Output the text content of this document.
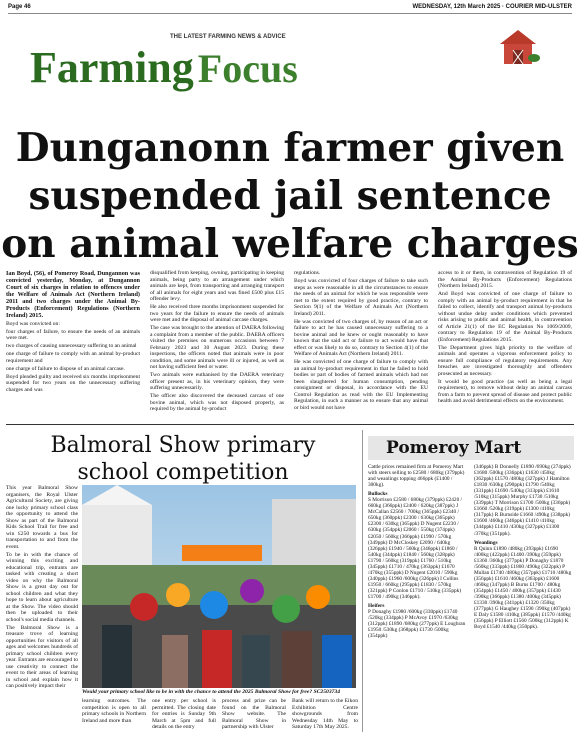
Page 46	WEDNESDAY, 12th March 2025 · COURIER MID-ULSTER
THE LATEST FARMING NEWS & ADVICE
Farming Focus
Dunganonn farmer given
suspended jail sentence
on animal welfare charges

Ian Boyd, (56), of Pomeroy Road, Dungannon was convicted yesterday, Monday, at Dungannon Court of six charges in relation to offences under the Welfare of Animals Act (Northern Ireland) 2011 and two charges under the Animal By-Products (Enforcement) Regulations (Northern Ireland) 2015.

Boyd was convicted on:

four charges of failure, to ensure the needs of an animals were met.

two charges of causing unnecessary suffering to an animal

one charge of failure to comply with an animal by-product requirement and

one charge of failure to dispose of an animal carcase.

Boyd pleaded guilty and received six months imprisonment suspended for two years on the unnecessary suffering charges and was

disqualified from keeping, owning, participating in keeping animals, being party to an arrangement under which animals are kept, from transporting and arranging transport of all animals for eight years and was fined £500 plus £15 offender levy.

He also received three months imprisonment suspended for two years for the failure to ensure the needs of animals were met and the disposal of animal carcase charges.

The case was brought to the attention of DAERA following a complaint from a member of the public. DAERA officers visited the premises on numerous occasions between 7 February 2023 and 30 August 2023. During these inspections, the officers noted that animals were in poor condition, and some animals were ill or injured, as well as not having sufficient feed or water.

Two animals were euthanised by the DAERA veterinary officer present as, in his veterinary opinion, they were suffering unnecessarily.

The officer also discovered the deceased carcass of one bovine animal, which was not disposed properly, as required by the animal by-product

regulations.

Boyd was convicted of four charges of failure to take such steps as were reasonable in all the circumstances to ensure the needs of an animal for which he was responsible were met to the extent required by good practice, contrary to Section 9(1) of the Welfare of Animals Act (Northern Ireland) 2011.

He was convicted of two charges of, by reason of an act or failure to act he has caused unnecessary suffering to a bovine animal and he knew or ought reasonably to have known that the said act or failure to act would have that effect or was likely to do so, contrary to Section 4(1) of the Welfare of Animals Act (Northern Ireland) 2011.

He was convicted of one charge of failure to comply with an animal by-product requirement in that he failed to hold bodies or part of bodies of farmed animals which had not been slaughtered for human consumption, pending consignment or disposal, in accordance with the EU Control Regulation as read with the EU Implementing Regulation, in such a manner as to ensure that any animal or bird would not have

access to it or them, in contravention of Regulation 19 of the Animal By-Products (Enforcement) Regulations (Northern Ireland) 2015.

And Boyd was convicted of one charge of failure to comply with an animal by-product requirement in that he failed to collect, identify and transport animal by-products without undue delay under conditions which prevented risks arising to public and animal health, in contravention of Article 21(1) of the EC Regulation No 1069/2009, contrary to Regulation 19 of the Animal By-Products (Enforcement) Regulations 2015.

The Department gives high priority to the welfare of animals and operates a vigorous enforcement policy to ensure full compliance of regulatory requirements. Any breaches are investigated thoroughly and offenders prosecuted as necessary.

It would be good practice (as well as being a legal requirement), to remove without delay an animal carcass from a farm to prevent spread of disease and protect public health and avoid detrimental effects on the environment.

Balmoral Show primary
school competition

This year Balmoral Show organisers, the Royal Ulster Agricultural Society, are giving one lucky primary school class the opportunity to attend the Show as part of the Balmoral Kids School Trail for free and win £250 towards a bus for transportation to and from the event.

To be in with the chance of winning this exciting and educational trip, entrants are tasked with creating a short video on why the Balmoral Show is a great day out for school children and what they hope to learn about agriculture at the Show. The video should then be uploaded to their school's social media channels.

The Balmoral Show is a treasure trove of learning opportunities for visitors of all ages and welcomes hundreds of primary school children every year. Entrants are encouraged to use creativity to connect the event to their areas of learning in school and explain how it can positively impact their

Would your primary school like to be in with the chance to attend the 2025 Balmoral Show for free? SC2503734
learning outcomes. The competition is open to all primary schools in Northern Ireland and more than
one entry per school is permitted. The closing date for entries is Sunday 9th March at 5pm and full details on the entry
process and prize can be found on the Balmoral Show website. The Balmoral Show in partnership with Ulster
Bank will return to the Eikon Exhibition Centre showgrounds from Wednesday 14th May to Saturday 17th May 2025.
Pomeroy Mart

Cattle prices remained firm at Pomeroy Mart with steers selling to £2580 / 680kg (379ppk) and weanlings topping 466ppk (£1400 / 300kg).

Bullocks

S Morrison £2580 / 680kg (379ppk) £2420 / 660kg (366ppk) £2400 / 620kg (387ppk) J McCallan £2560 / 700kg (365ppk) £2340 / 650kg (360ppk) £2300 / 630kg (365ppk) £2300 / 630kg (365ppk) D Nugent £2230 / 630kg (354ppk) £2060 / 550kg (374ppk) £2050 / 560kg (366ppk) £1990 / 570kg (349ppk) D McCloskey £2090 / 640kg (326ppk) £1940 / 560kg (346ppk) £1860 / 540kg (344ppk) £1840 / 560kg (328ppk) £1790 / 560kg (319ppk) £1760 / 510kg (345ppk) £1710 / 470kg (363ppk) £1670 /470kg (355ppk) D Nugent £2010 / 590kg (340ppk) £1960 /600kg (326ppk) I Collins £1950 / 660kg (295ppk) £1830 / 570kg (321ppk) P Conlon £1710 / 510kg (335ppk) £1700 / 490kg (346ppk).

Heifers

P Donaghy £1980 /600kg (330ppk) £1740 /520kg (334ppk) P McAvoy £1970 /630kg (312ppk) £1890 /680kg (277ppk) E Loughran £1950 /530kg (368ppk) £1730 /500kg (354ppk)

(346ppk) B Donnelly £1890 /690kg (274ppk) £1680 /500kg (336ppk) £1630 /450kg (362ppk) £1570 /480kg (327ppk) J Hamilton £1830 /630kg (290ppk) £1790 /540kg (331ppk) £1690 /540kg (313ppk) £1610 /510kg (315ppk) Murphy £1730 /510kg (339ppk) T Morrison £1700 /500kg (336ppk) £1660 /520kg (319ppk) £1300 /410kg (317ppk) R Burnside £1660 /490kg (338ppk) £1600 /460kg (346ppk) £1410 /410kg (344ppk) £1410 /430kg (327ppk) £1300 /370kg (351ppk).

Weanlings

R Quinn £1890 /480kg (393ppk) £1690 /400kg (422ppk) £1400 /390kg (359ppk) £1360 /360kg (377ppk) P Donaghy £1870 /560kg (333ppk) £1800 /490kg (322ppk) P Mullan £1740 /480kg (357ppk) £1710 /480kg (356ppk) £1610 /460kg (363ppk) £1600 /460kg (347ppk) B Burns £1700 / 480kg (354ppk) £1450 / 400kg (357ppk) £1430 /390kg (366ppk) £1380 /400kg (345ppk) £1330 /390kg (341ppk) £1320 /350kg (377ppk) G Haughey £1590 /390kg (407ppk) E Daly £1580 /410kg (385ppk) £1570 /440kg (356ppk) P Elliott £1560 /500kg (312ppk) K Boyd £1540 /440kg (350ppk).
